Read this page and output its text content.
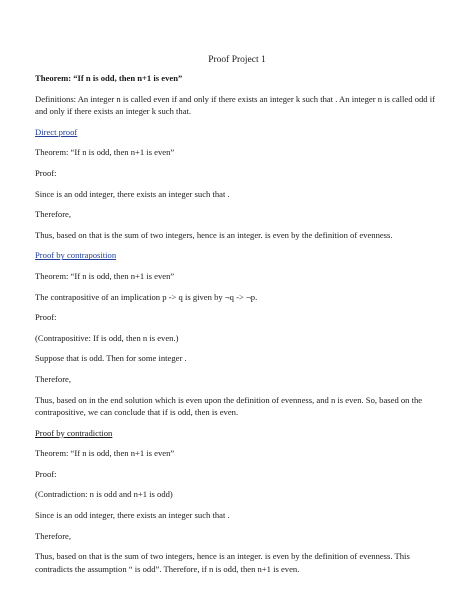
Proof Project 1

Theorem: “If n is odd, then n+1 is even”

Definitions: An integer n is called even if and only if there exists an integer k such that . An integer n is called odd if and only if there exists an integer k such that.

Direct proof

Theorem: “If n is odd, then n+1 is even”

Proof:

Since is an odd integer, there exists an integer such that .

Therefore,

Thus, based on that is the sum of two integers, hence is an integer. is even by the definition of evenness.

Proof by contraposition

Theorem: “If n is odd, then n+1 is even”

The contrapositive of an implication p -> q is given by ¬q -> ¬p.

Proof:

(Contrapositive: If is odd, then n is even.)

Suppose that is odd. Then for some integer .

Therefore,

Thus, based on in the end solution which is even upon the definition of evenness, and n is even. So, based on the contrapositive, we can conclude that if is odd, then is even.

Proof by contradiction

Theorem: “If n is odd, then n+1 is even”

Proof:

(Contradiction: n is odd and n+1 is odd)

Since is an odd integer, there exists an integer such that .

Therefore,

Thus, based on that is the sum of two integers, hence is an integer. is even by the definition of evenness. This contradicts the assumption “ is odd”. Therefore, if n is odd, then n+1 is even.
